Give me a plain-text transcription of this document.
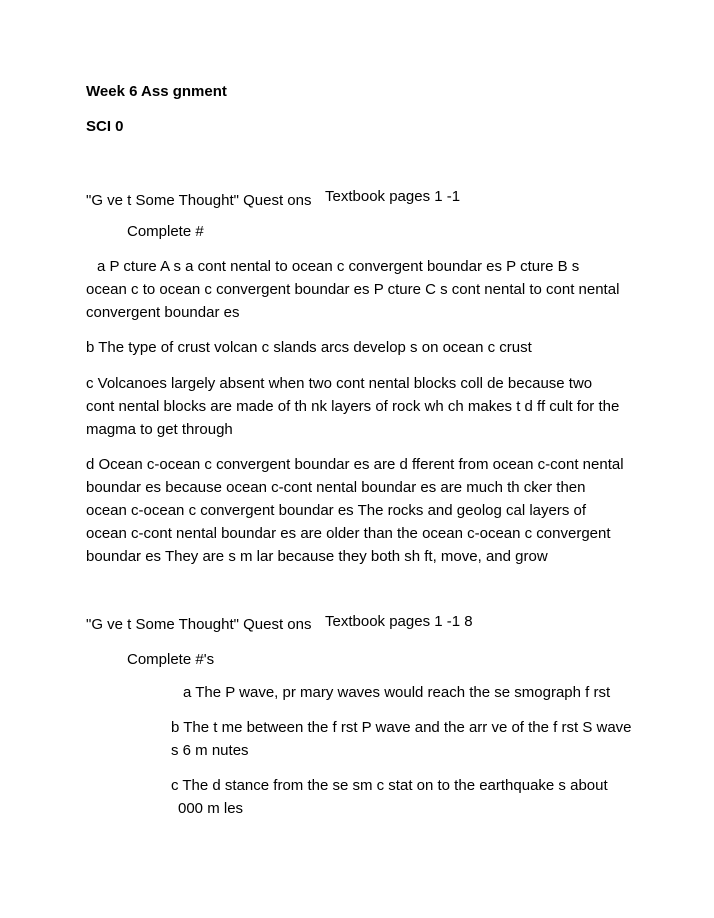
Week 6 Ass gnment
SCI 0
"G ve t Some Thought" Quest ons Textbook pages 1 -1
Complete #
a P cture A s a cont nental to ocean c convergent boundar es P cture B s
ocean c to ocean c convergent boundar es P cture C s cont nental to cont nental
convergent boundar es
b The type of crust volcan c slands arcs develop s on ocean c crust
c Volcanoes largely absent when two cont nental blocks coll de because two
cont nental blocks are made of th nk layers of rock wh ch makes t d ff cult for the
magma to get through
d Ocean c-ocean c convergent boundar es are d fferent from ocean c-cont nental
boundar es because ocean c-cont nental boundar es are much th cker then
ocean c-ocean c convergent boundar es The rocks and geolog cal layers of
ocean c-cont nental boundar es are older than the ocean c-ocean c convergent
boundar es They are s m lar because they both sh ft, move, and grow
"G ve t Some Thought" Quest ons Textbook pages 1 -1 8
Complete #'s
a The P wave, pr mary waves would reach the se smograph f rst
b The t me between the f rst P wave and the arr ve of the f rst S wave
s 6 m nutes
c The d stance from the se sm c stat on to the earthquake s about
000 m les
